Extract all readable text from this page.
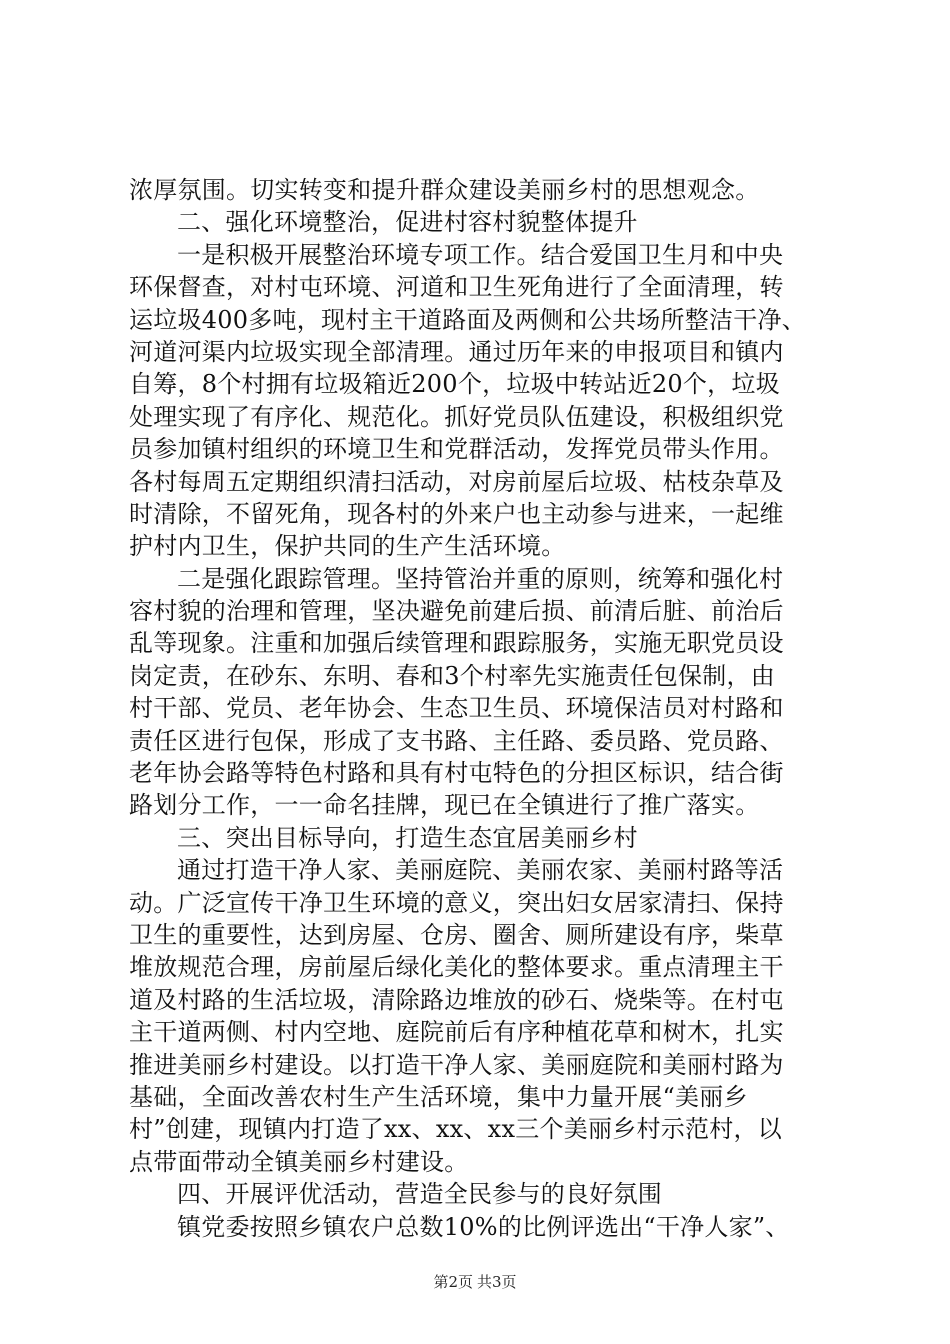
浓厚氛围。切实转变和提升群众建设美丽乡村的思想观念。
二、强化环境整治，促进村容村貌整体提升
一是积极开展整治环境专项工作。结合爱国卫生月和中央
环保督查，对村屯环境、河道和卫生死角进行了全面清理，转
运垃圾400多吨，现村主干道路面及两侧和公共场所整洁干净、
河道河渠内垃圾实现全部清理。通过历年来的申报项目和镇内
自筹，8个村拥有垃圾箱近200个，垃圾中转站近20个，垃圾
处理实现了有序化、规范化。抓好党员队伍建设，积极组织党
员参加镇村组织的环境卫生和党群活动，发挥党员带头作用。
各村每周五定期组织清扫活动，对房前屋后垃圾、枯枝杂草及
时清除，不留死角，现各村的外来户也主动参与进来，一起维
护村内卫生，保护共同的生产生活环境。
二是强化跟踪管理。坚持管治并重的原则，统筹和强化村
容村貌的治理和管理，坚决避免前建后损、前清后脏、前治后
乱等现象。注重和加强后续管理和跟踪服务，实施无职党员设
岗定责，在砂东、东明、春和3个村率先实施责任包保制，由
村干部、党员、老年协会、生态卫生员、环境保洁员对村路和
责任区进行包保，形成了支书路、主任路、委员路、党员路、
老年协会路等特色村路和具有村屯特色的分担区标识，结合街
路划分工作，一一命名挂牌，现已在全镇进行了推广落实。
三、突出目标导向，打造生态宜居美丽乡村
通过打造干净人家、美丽庭院、美丽农家、美丽村路等活
动。广泛宣传干净卫生环境的意义，突出妇女居家清扫、保持
卫生的重要性，达到房屋、仓房、圈舍、厕所建设有序，柴草
堆放规范合理，房前屋后绿化美化的整体要求。重点清理主干
道及村路的生活垃圾，清除路边堆放的砂石、烧柴等。在村屯
主干道两侧、村内空地、庭院前后有序种植花草和树木，扎实
推进美丽乡村建设。以打造干净人家、美丽庭院和美丽村路为
基础，全面改善农村生产生活环境，集中力量开展“美丽乡
村”创建，现镇内打造了xx、xx、xx三个美丽乡村示范村，以
点带面带动全镇美丽乡村建设。
四、开展评优活动，营造全民参与的良好氛围
镇党委按照乡镇农户总数10%的比例评选出“干净人家”、
第2页 共3页
